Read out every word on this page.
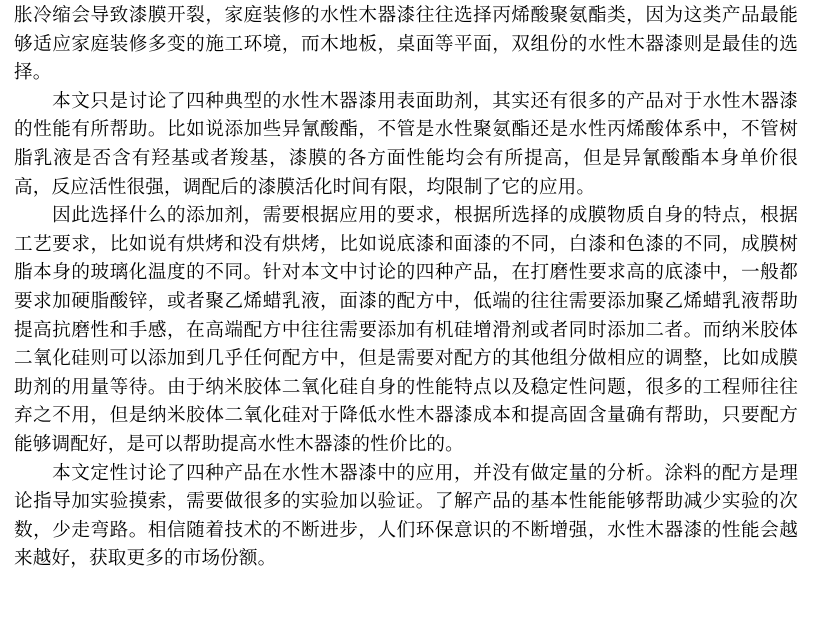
胀冷缩会导致漆膜开裂，家庭装修的水性木器漆往往选择丙烯酸聚氨酯类，因为这类产品最能够适应家庭装修多变的施工环境，而木地板，桌面等平面，双组份的水性木器漆则是最佳的选择。

本文只是讨论了四种典型的水性木器漆用表面助剂，其实还有很多的产品对于水性木器漆的性能有所帮助。比如说添加些异氰酸酯，不管是水性聚氨酯还是水性丙烯酸体系中，不管树脂乳液是否含有羟基或者羧基，漆膜的各方面性能均会有所提高，但是异氰酸酯本身单价很高，反应活性很强，调配后的漆膜活化时间有限，均限制了它的应用。

因此选择什么的添加剂，需要根据应用的要求，根据所选择的成膜物质自身的特点，根据工艺要求，比如说有烘烤和没有烘烤，比如说底漆和面漆的不同，白漆和色漆的不同，成膜树脂本身的玻璃化温度的不同。针对本文中讨论的四种产品，在打磨性要求高的底漆中，一般都要求加硬脂酸锌，或者聚乙烯蜡乳液，面漆的配方中，低端的往往需要添加聚乙烯蜡乳液帮助提高抗磨性和手感，在高端配方中往往需要添加有机硅增滑剂或者同时添加二者。而纳米胶体二氧化硅则可以添加到几乎任何配方中，但是需要对配方的其他组分做相应的调整，比如成膜助剂的用量等待。由于纳米胶体二氧化硅自身的性能特点以及稳定性问题，很多的工程师往往弃之不用，但是纳米胶体二氧化硅对于降低水性木器漆成本和提高固含量确有帮助，只要配方能够调配好，是可以帮助提高水性木器漆的性价比的。

本文定性讨论了四种产品在水性木器漆中的应用，并没有做定量的分析。涂料的配方是理论指导加实验摸索，需要做很多的实验加以验证。了解产品的基本性能能够帮助减少实验的次数，少走弯路。相信随着技术的不断进步，人们环保意识的不断增强，水性木器漆的性能会越来越好，获取更多的市场份额。
